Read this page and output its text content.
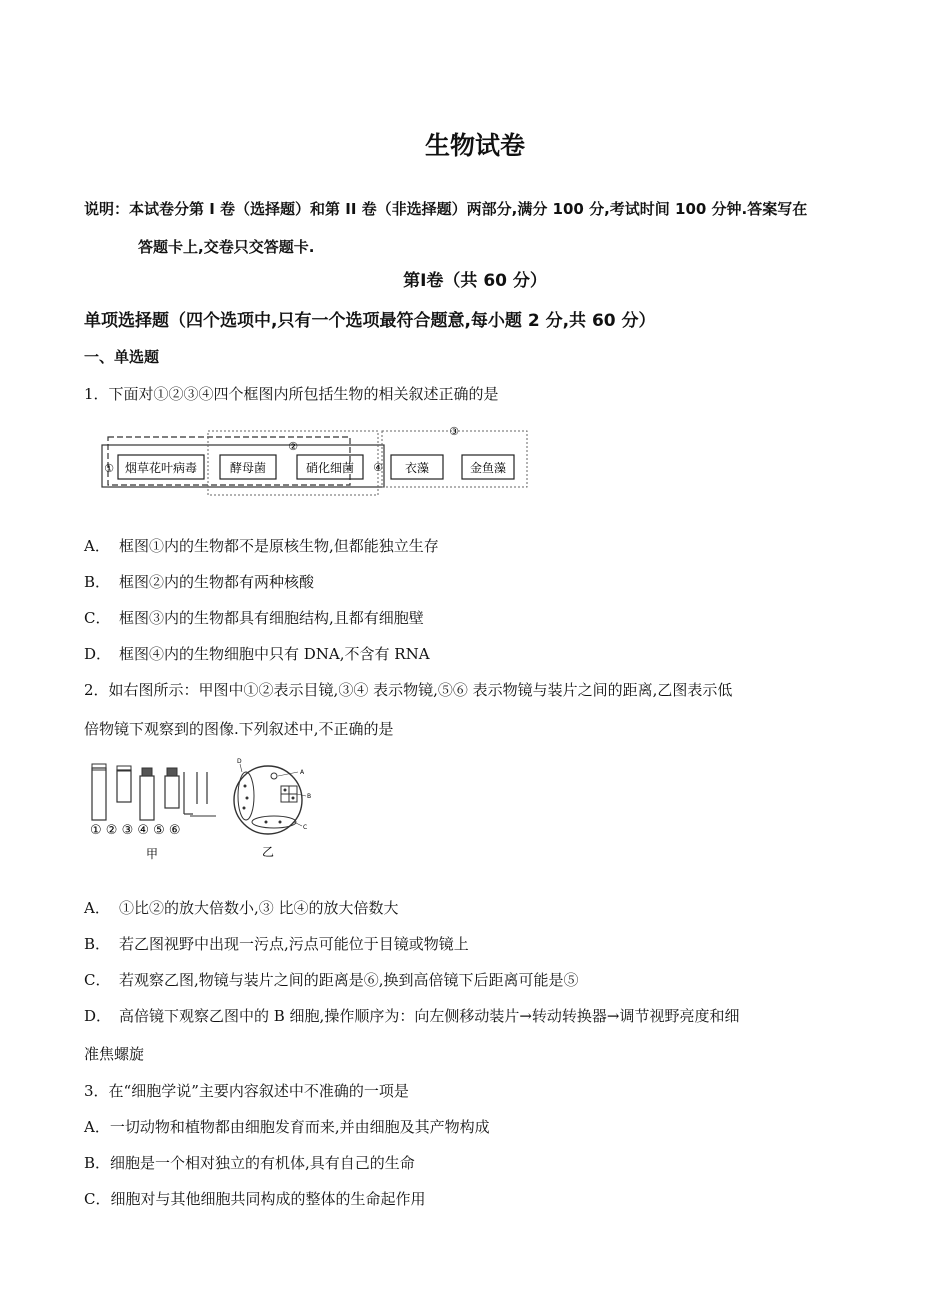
生物试卷
说明：本试卷分第 I 卷（选择题）和第 II 卷（非选择题）两部分,满分 100 分,考试时间 100 分钟.答案写在
答题卡上,交卷只交答题卡.
第Ⅰ卷（共 60 分）
单项选择题（四个选项中,只有一个选项最符合题意,每小题 2 分,共 60 分）
一、单选题
1．下面对①②③④四个框图内所包括生物的相关叙述正确的是
①
②
③
④
烟草花叶病毒	酵母菌	硝化细菌	衣藻	金鱼藻
A． 框图①内的生物都不是原核生物,但都能独立生存
B． 框图②内的生物都有两种核酸
C． 框图③内的生物都具有细胞结构,且都有细胞壁
D． 框图④内的生物细胞中只有 DNA,不含有 RNA
2．如右图所示：甲图中①②表示目镜,③④ 表示物镜,⑤⑥ 表示物镜与装片之间的距离,乙图表示低
倍物镜下观察到的图像.下列叙述中,不正确的是
① ② ③ ④ ⑤ ⑥
甲
A
B
C
D
乙
A． ①比②的放大倍数小,③ 比④的放大倍数大
B． 若乙图视野中出现一污点,污点可能位于目镜或物镜上
C． 若观察乙图,物镜与装片之间的距离是⑥,换到高倍镜下后距离可能是⑤
D． 高倍镜下观察乙图中的 B 细胞,操作顺序为：向左侧移动装片→转动转换器→调节视野亮度和细
准焦螺旋
3．在“细胞学说”主要内容叙述中不准确的一项是
A．一切动物和植物都由细胞发育而来,并由细胞及其产物构成
B．细胞是一个相对独立的有机体,具有自己的生命
C．细胞对与其他细胞共同构成的整体的生命起作用
